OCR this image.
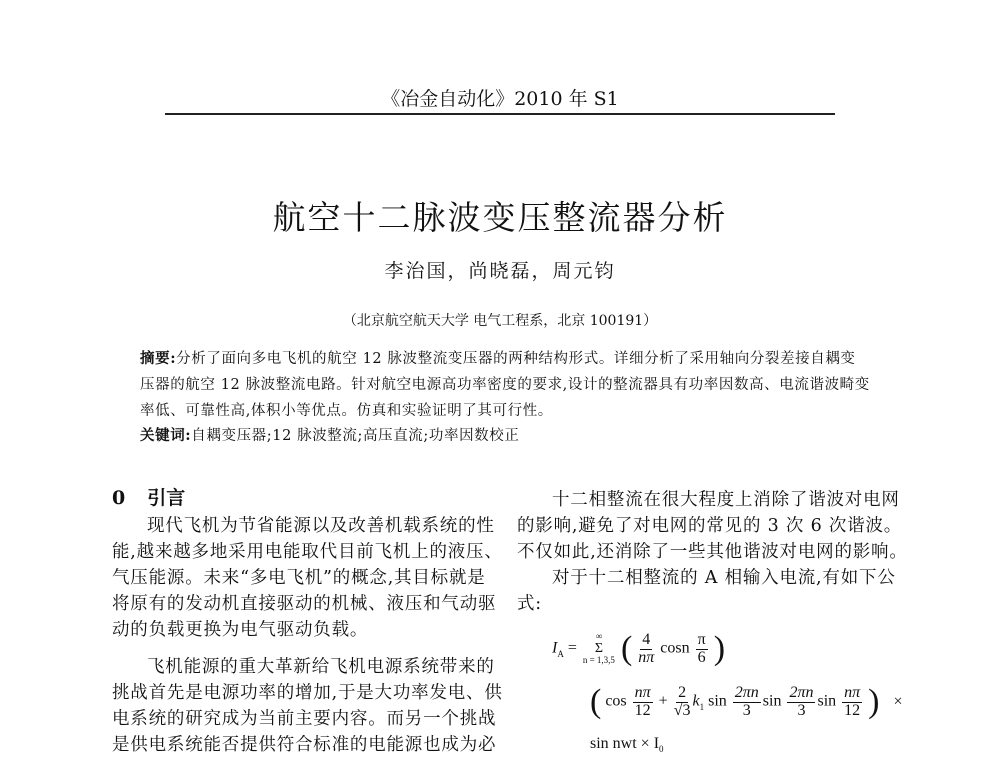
《冶金自动化》2010 年 S1
航空十二脉波变压整流器分析
李治国，尚晓磊，周元钧
（北京航空航天大学 电气工程系，北京 100191）
摘要:分析了面向多电飞机的航空 12 脉波整流变压器的两种结构形式。详细分析了采用轴向分裂差接自耦变
压器的航空 12 脉波整流电路。针对航空电源高功率密度的要求,设计的整流器具有功率因数高、电流谐波畸变
率低、可靠性高,体积小等优点。仿真和实验证明了其可行性。
关键词:自耦变压器;12 脉波整流;高压直流;功率因数校正
0 引言
现代飞机为节省能源以及改善机载系统的性
能,越来越多地采用电能取代目前飞机上的液压、
气压能源。未来“多电飞机”的概念,其目标就是
将原有的发动机直接驱动的机械、液压和气动驱
动的负载更换为电气驱动负载。
飞机能源的重大革新给飞机电源系统带来的
挑战首先是电源功率的增加,于是大功率发电、供
电系统的研究成为当前主要内容。而另一个挑战
是供电系统能否提供符合标准的电能源也成为必
十二相整流在很大程度上消除了谐波对电网
的影响,避免了对电网的常见的 3 次 6 次谐波。
不仅如此,还消除了一些其他谐波对电网的影响。
对于十二相整流的 A 相输入电流,有如下公
式:
$I_A$ =
∞
Σ
n = 1,3,5 ( $\frac{4}{n\pi}$ cosn $\frac{\pi}{6}$ )
( $\cos \frac{n\pi}{12} + \frac{2}{√3} k_1$ $\sin \frac{2\pi n}{3}$ $\sin \frac{2\pi n}{3}$ $\sin \frac{n\pi}{12}$ ) ×
sin nwt × $I_0$
